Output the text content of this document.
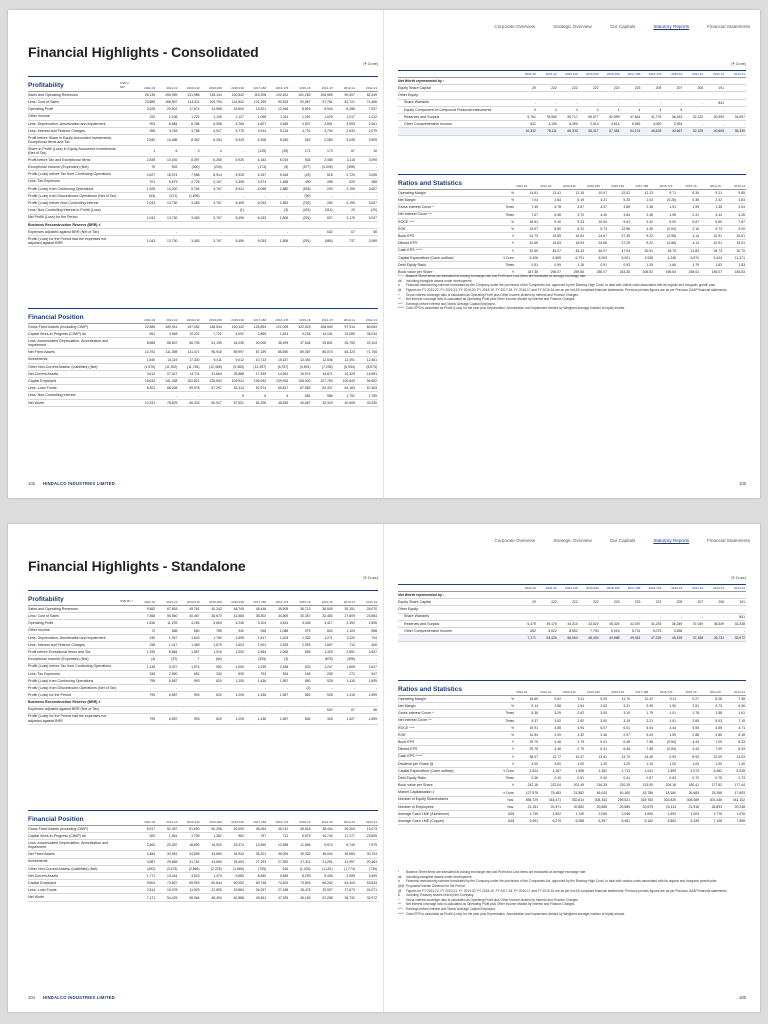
Financial Highlights - Consolidated
(₹ Crore)
Profitability	US$ in Mn*	2022-23	2021-22	2020-21#	2019-20#	2018-19#	2017-18#	2016-17#	2015-16	2014-15	2013-14	2012-13
Sales and Operating Revenues	26,135	195,059	131,985	118,144	130,542	115,208	102,631	101,283	106,969	90,007	82,249
Less: Cost of Sales	23,589	166,557	114,311	100,794	116,942	101,299	90,525	92,587	97,781	81,721	74,486
Operating Profit	3,026	20,502	17,674	14,558	15,500	13,921	12,446	8,816	8,944	8,286	7,937
Other Income	152	1,136	1,222	1,106	1,127	1,058	1,311	1,091	1,025	1,017	1,012
Less: Depreciation, Amortization and Impairment	904	6,584	6,786	5,356	4,766	4,607	4,469	4,507	3,591	3,553	2,061
Less: Interest and Finance Charges	396	3,763	3,788	4,917	3,778	3,914	5,134	4,701	3,700	2,633	2,079
Profit before Share in Equity Accounted Investments, Exceptional Items and Tax	2,540	10,486	8,392	6,254	5,925	6,308	5,040	562	2,080	3,049	3,909
Share in Profit/ (Loss) in Equity Accounted Investments (Net of Tax)	1	6	3	4	-	(125)	(25)	172	173	67	16
Profit before Tax and Exceptional Items	2,549	10,492	8,397	6,260	5,925	6,183	5,015	534	2,485	3,116	3,095
Exceptional Income/ (Expenses) (Net)	70	502	(450)	(234)	-	(174)	(5)	(577)	(3,049)	(396)	-
Profit/ (Loss) before Tax from Continuing Operations	2,627	18,974	7,988	8,914	5,925	6,157	5,165	(43)	515	2,720	3,095
Less: Tax Expenses	701	5,575	2,725	2,157	2,308	2,574	1,485	490	285	525	285
Profit/ (Loss) from Continuing Operations	1,926	14,200	5,764	4,767	8,924	6,068	1,880	(533)	230	2,195	3,007
Profit/ (Loss) from Discontinued Operations (Net of Tax)	(63)	(471)	(1,699)	-	-	-	-	(90)	-	-	-
Profit/ (Loss) before Non-Controlling Interest	1,043	13,730	3,483	3,767	5,495	6,033	1,582	(792)	280	2,195	3,007
Less: Non-Controlling Interest in Profit/ (Loss)	-	-	-	-	(1)	-	(3)	(431)	(314)	20	(20)
Net Profit/ (Loss) for the Period	1,043	13,730	3,483	3,767	5,496	6,033	1,806	(291)	607	2,176	3,037
Business Reconstruction Reserve (BRR) #
Expenses adjusted against BRR (Net of Tax)	-	-	-	-	-	-	-	-	632	67	56
Profit/ (Loss) for the Period had the expenses not adjusted against BRR	1,043	13,730	3,483	3,767	5,496	6,033	1,806	(291)	(585)	737	2,089
Financial Position	2022-23	2021-22	2020-21#	2019-20#	2018-19#	2017-18#	2016-17#	2015-16	2014-15	2013-14	2012-13
Gross Fixed Assets (excluding CWIP)	22,585	169,911	157,052	148,534	130,142	125,894	121,028	122,523	108,940	97,914	60,064
Capital Work-in-Progress (CWIP) ##	651	4,948	10,202	7,721	4,092	2,865	1,814	4,234	14,151	23,089	35,034
Less: Accumulated Depreciation, Amortization and Impairment	8,565	68,837	56,705	51,139	44,235	40,006	36,499	37,648	29,801	26,750	22,104
Net Fixed Assets	14,751	111,398	111,471	96,916	89,997	87,159	86,590	89,087	86,070	84,223	71,765
Investments	1,540	14,119	17,330	9,411	9,012	10,713	15,187	12,492	12,546	12,491	12,461
Other Non-Current Assets/ (Liabilities) (Net)	(1,570)	(11,920)	(11,784)	(12,465)	(9,383)	(12,497)	(6,757)	(4,591)	(7,235)	(6,934)	(8,573)
Net Current Assets	3,612	27,417	14,711	31,664	25,588	17,499	14,961	15,974	16,871	10,329	16,951
Capital Employed	18,633	141,438	152,821	125,504	109,924	106,934	109,932	108,940	107,783	100,849	94,692
Less: Loan Funds	8,301	68,208	69,978	67,297	52,414	52,974	60,817	67,582	62,447	64,163	57,463
Less: Non-Controlling Interest	-	-	-	-	9	6	6	581	986	1,751	1,789
Net Worth	10,331	78,829	66,333	50,917	57,501	54,208	48,839	40,667	32,329	40,605	33,330
102 HINDALCO INDUSTRIES LIMITED
Corporate Overview	Strategic Overview	Our Capitals	Statutory Reports	Financial Statements
(₹ Crore)
2022-23	2021-22	2020-21#	2019-20#	2018-19#	2017-18#	2016-17#	2015-16	2014-15	2013-14	2012-13
Net Worth represented by :
Equity Share Capital	29	222	222	222	223	223	205	207	206	191
Other Equity:
Share Warrants	-	-	-	-	-	-	-	-	-	841
Equity Component of Compound Financial Instruments	4	4	4	4	4	4	4	5	-	-
Reserves and Surplus	9,761	78,560	59,717	55,577	52,599	47,644	41,776	36,443	32,122	40,393	34,597
Other Comprehensive Income	541	4,109	6,390	2,514	4,614	6,982	4,060	3,994	-	-	-
10,332	78,111	66,333	58,317	57,381	54,131	46,839	40,667	32,329	40,605	35,330
Ratios and Statistics	2022-23	2021-22	2020-21#	2019-20#	2018-19#	2017-18#	2016-17#	2015-16	2014-15	2013-14
Operating Margin	%	14.61	13.41	12.15	10.57	12.02	12.13	9.71	8.30	9.21	9.85
Net Margin	%	7.04	2.64	5.19	4.21	5.25	1.03	(0.28)	0.38	2.42	3.63
Gross Interest Cover ^	Times	7.49	4.78	3.57	4.37	3.86	2.36	1.91	1.95	1.35	2.04
Net Interest Cover ^^	Times	7.67	5.36	3.70	4.40	3.84	2.36	1.95	2.41	3.44	4.26
ROCE ^^^	%	16.61	9.40	9.23	10.94	9.61	3.32	5.00	5.87	5.50	7.87
ROE	%	13.97	5.80	6.31	9.73	12.86	4.39	(0.64)	2.16	5.73	9.00
Book EPS	₹	61.73	15.89	16.94	24.67	27.39	9.22	(4.58)	4.14	10.91	15.51
Diluted EPS	₹	61.65	15.83	16.93	24.66	27.29	9.22	(4.58)	4.13	10.91	15.51
Cash EPS ^^^^	₹	92.69	46.07	45.33	46.07	47.93	30.91	28.79	21.83	28.73	30.79
Capital Expenditure (Cash outflow)	₹ Crore	5,426	5,965	6,791	6,003	5,001	2,938	4,245	5,970	9,424	11,571
Debt Equity Ratio	Times	0.51	0.99	1.15	0.91	0.93	1.39	1.66	1.79	1.63	1.83
Book value per Share	₹	347.36	296.07	259.56	256.07	244.35	208.52	196.64	158.61	196.07	184.53
*	Balance Sheet items are translated at closing exchange rate and Profit and Loss items are translated at average exchange rate.
##	Including intangible assets under development.
#	Financial restructuring scheme formulated by the Company under the provisions of the Companies Act, approved by the Bombay High Court, to deal with critical costs associated with its organic and inorganic growth plan.
@	Figures for FY 2021-22, FY 2020-21, FY 2019-20, FY 2018-19, FY 2017-18, FY 2016-17 and FY 2015-16 are as per Ind AS compliant financial statements. Previous periods figures are as per Previous GAAP financial statements.
^	Gross interest coverage ratio is calculated as Operating Profit plus Other Income divided by Interest and Finance Charges.
^^	Net interest coverage ratio is calculated as Operating Profit plus Other Income divided by Interest and Finance Charges.
^^^	Earnings before Interest and Taxes/ Average Capital Employed.
^^^^ Cash EPS is calculated as Profit/ (Loss) for the year plus Depreciation, Amortization and Impairment divided by Weighted average number of equity shares.
103
Financial Highlights - Standalone
(₹ Crore)
Profitability	US$ Mn *	2022-23	2021-22	2020-21#	2019-20#	2018-19#	2017-18#	2016-17#	2015-16	2014-15	2013-14	2012-13
Sales and Operating Revenues	9,582	67,653	45,761	40,242	48,749	45,446	39,505	36,713	36,549	30,151	26,070
Less: Cost of Sales	7,566	56,560	40,467	36,570	41,585	38,302	34,569	33,367	32,483	27,609	23,564
Operating Profit	1,816	11,293	4,294	3,664	4,245	3,104	4,814	3,346	3,417	2,492	2,506
Other Income	72	588	650	789	940	948	1,088	979	802	1,104	958
Less: Depreciation, Amortization and Impairment	240	1,947	1,843	1,780	1,695	1,617	1,403	1,332	1,271	1,220	704
Less: Interest and Finance Charges	158	1,417	1,469	1,679	1,603	1,901	2,525	2,993	1,667	712	406
Profit before Exceptional Items and Tax	1,190	8,564	1,567	1,016	1,000	2,564	2,065	659	1,329	2,851	2,847
Exceptional Income/ (Expenses) (Net)	(4)	(37)	7	(64)	-	(325)	(3)	-	(875)	(396)	-
Profit/ (Loss) before Tax from Continuing Operations	1,135	9,427	1,574	952	1,000	2,239	2,188	633	1,247	1,605	2,647
Less: Tax Expenses	336	2,590	651	332	605	793	534	165	259	272	547
Profit/ (Loss) from Continuing Operations	799	6,587	993	620	1,205	1,436	1,557	850	928	1,415	1,699
Profit/ (Loss) from Discontinued Operations (Net of Tax)	-	-	-	-	-	-	-	(2)	-	-	-
Profit/ (Loss) for the Period	799	6,587	993	620	1,205	1,436	1,557	852	928	1,415	1,699
Business Reconstruction Reserve (BRR) #
Expenses adjusted against BRR (Net of Tax)	-	-	-	-	-	-	-	-	602	67	56
Profit/ (Loss) for the Period had the expenses not adjusted against BRR	799	6,587	993	620	1,205	1,436	1,557	852	326	1,527	1,699
Financial Position	2022-23	2021-22	2020-21#	2019-20#	2018-19#	2017-18#	2016-17#	2015-16	2014-15	2013-14	2012-13
Gross Fixed Assets (excluding CWIP)	6,917	52,357	51,600	50,296	40,090	48,264	46,742	45,518	38,434	26,304	13,073
Capital Work-in-Progress (CWIP) ##	300	1,961	1,799	1,362	962	757	712	5,679	16,744	17,277	23,605
Less: Accumulated Depreciation, Amortization and Impairment	2,662	20,287	18,690	16,920	15,374	13,960	12,558	11,865	9,574	8,749	7,975
Net Fixed Assets	4,484	33,561	34,599	34,650	34,934	35,101	35,094	39,332	36,004	36,583	30,703
Investments	3,987	29,685	31,751	24,659	25,493	27,293	27,952	27,311	21,291	21,997	20,463
Other Non-Current Assets/ (Liabilities) (Net)	(492)	(3,473)	(2,565)	(2,225)	(1,565)	(705)	516	(1,033)	(1,151)	(1,774)	(735)
Net Current Assets	1,771	13,444	3,523	1,470	9,680	8,550	9,569	8,293	9,406	2,559	3,409
Capital Employed	9,604	73,507	69,993	60,844	60,092	69,748	74,403	73,803	66,262	64,404	53,843
Less: Loan Funds	2,514	19,078	11,929	22,590	19,584	26,297	27,188	28,478	29,907	27,673	24,071
Net Worth	7,171	54,429	58,064	48,494	40,888	49,451	47,325	45,159	57,288	36,732	32,972
104 HINDALCO INDUSTRIES LIMITED
Corporate Overview	Strategic Overview	Our Capitals	Statutory Reports	Financial Statements
(₹ Crore)
2022-23	2021-22	2020-21#	2019-20#	2018-19#	2017-18#	2016-17#	2015-16	2014-15	2013-14	2012-13
Net Worth represented by :
Equity Share Capital	29	222	222	222	223	223	223	205	207	206	191
Other Equity:
Share Warrants	-	-	-	-	-	-	-	-	-	-	841
Reserves and Surplus	6,479	49,175	44,310	43,622	45,325	42,497	41,253	36,349	37,049	36,349	33,348
Other Comprehensive Income	662	5,022	8,552	7,793	5,015	6,731	5,075	3,836	-	-	-
7,171	54,429	58,064	48,494	40,888	49,451	47,325	45,159	37,288	36,732	33,972
Ratios and Statistics	2022-23	2021-22	2020-21#	2019-20#	2018-19#	2017-18#	2016-17#	2015-16	2014-15	2013-14
Operating Margin	%	16.69	9.92	9.11	9.20	11.70	12.22	9.11	9.27	8.28	7.38
Net Margin	%	9.14	2.88	1.54	2.63	3.31	3.95	1.90	2.51	4.73	6.06
Gross Interest Cover ^	Times	6.36	3.29	2.62	3.00	3.10	1.75	1.01	1.78	1.58	1.61
Net Interest Cover ^^	Times	9.37	3.52	2.62	3.00	3.19	2.21	1.01	2.65	5.03	7.19
ROCE ^^^	%	15.91	4.58	3.94	5.07	6.01	6.04	4.44	5.55	4.55	4.71
ROE	%	10.54	2.00	1.32	2.46	2.97	3.43	1.59	2.88	4.85	8.18
Book EPS	₹	29.79	4.46	2.79	5.41	6.45	7.58	(0.84)	4.43	7.09	8.33
Diluted EPS	₹	29.75	4.46	2.79	5.41	6.45	7.58	(0.84)	4.43	7.09	8.33
Cash EPS ^^^^	₹	38.07	12.77	10.47	13.61	13.70	14.49	0.93	8.93	12.09	13.03
Dividend per Share @	₹	4.00	3.00	1.00	1.20	1.20	1.10	1.00	1.00	1.00	1.40
Capital Expenditure (Cash outflow)	₹ Crore	1,524	1,167	1,998	1,362	1,713	1,041	1,599	2,073	5,482	5,518
Debt Equity Ratio	Times	0.36	0.40	0.51	0.40	0.41	0.57	0.63	0.72	0.75	0.73
Book value per Share	₹	242.16	222.04	202.49	216.25	220.25	213.00	204.16	180.41	177.82	177.44
Market Capitalisation ‡	₹ Crore	127,978	75,483	21,882	46,043	40,160	43,786	18,160	26,683	29,266	17,693
Number of Equity Shareholders	Nos.	555,729	343,471	332,614	304,343	299,521	319,783	302,826	308,489	301,636	441,102
Number of Employees	Nos.	21,151	20,971	20,852	20,685	20,589	20,679	24,113	21,918	28,893	20,238
Average Cash LME (Aluminium)	US$	2,749	1,902	1,749	2,055	2,046	1,690	1,592	1,003	1,775	1,976
Average Cash LME (Copper)	US$	9,491	6,279	6,058	6,357	6,481	5,152	4,852	6,339	7,108	7,898
*	Balance Sheet items are translated at closing exchange rate and Profit and Loss items are translated at average exchange rate.
##	Including intangible assets under development.
#	Financial restructuring scheme formulated by the Company under the provisions of the Companies Act, approved by the Bombay High Court, to deal with various costs associated with its organic and inorganic growth plan.
@@ Proposed/ Interim Dividend for the Period.
@	Figures for FY 2021-22, FY 2020-21, FY 2019-20, FY 2018-19, FY 2017-18, FY 2016-17 and FY 2015-16 are as per Ind AS compliant financial statements. Previous periods figures are as per Previous GAAP financial statements.
$	Including Treasury shares held by the Company.
^	Gross interest coverage ratio is calculated as Operating Profit plus Other Income divided by Interest and Finance Charges.
^^	Net interest coverage ratio is calculated as Operating Profit plus Other Income divided by Interest and Finance Charges.
^^^	Earnings before Interest and Taxes/ Average Capital Employed.
^^^^ Cash EPS is calculated as Profit/ (Loss) for the year plus Depreciation, Amortization and Impairment divided by Weighted average number of equity shares.
105
